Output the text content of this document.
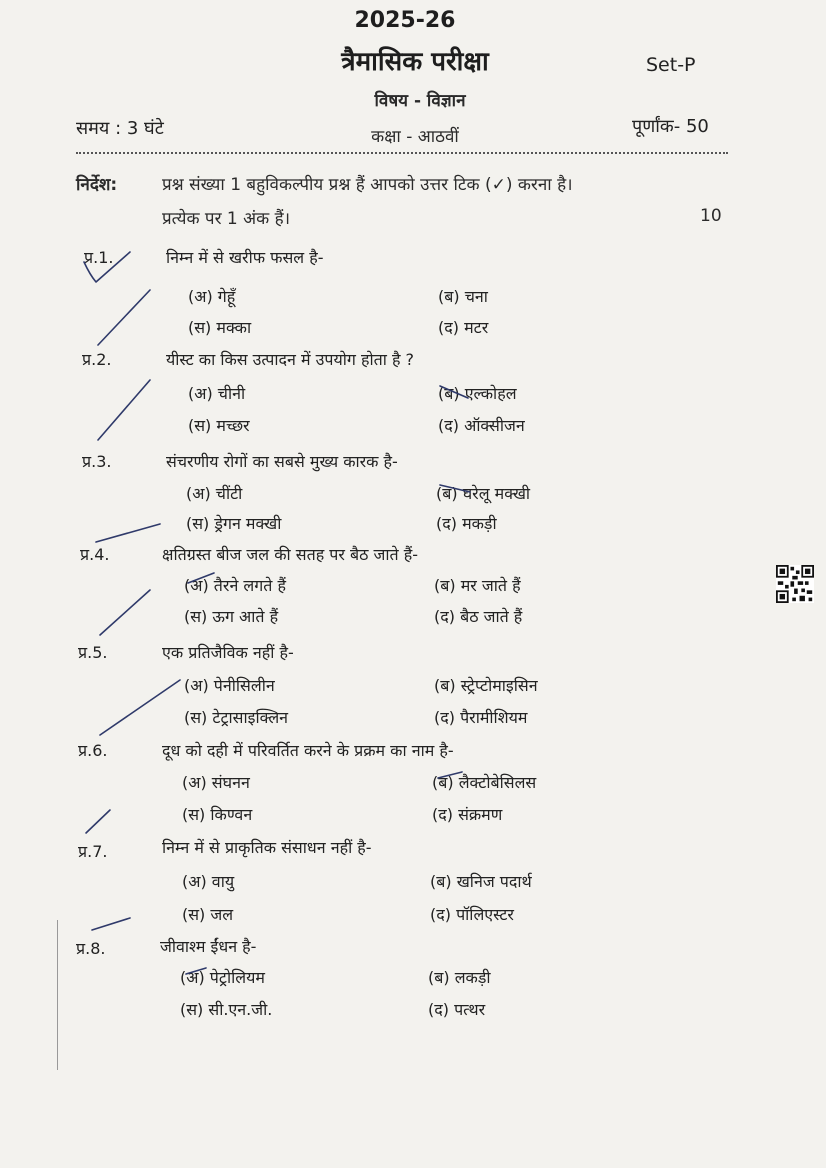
2025-26
त्रैमासिक परीक्षा	Set-P
विषय - विज्ञान
समय : 3 घंटे	कक्षा - आठवीं	पूर्णांक- 50
निर्देश:	प्रश्न संख्या 1 बहुविकल्पीय प्रश्न हैं आपको उत्तर टिक (✓) करना है।
प्रत्येक पर 1 अंक हैं।	10
प्र.1.	निम्न में से खरीफ फसल है-
(अ) गेहूँ	(ब) चना
(स) मक्का	(द) मटर
प्र.2.	यीस्ट का किस उत्पादन में उपयोग होता है ?
(अ) चीनी	(ब) एल्कोहल
(स) मच्छर	(द) ऑक्सीजन
प्र.3.	संचरणीय रोगों का सबसे मुख्य कारक है-
(अ) चींटी	(ब) घरेलू मक्खी
(स) ड्रेगन मक्खी	(द) मकड़ी
प्र.4.	क्षतिग्रस्त बीज जल की सतह पर बैठ जाते हैं-
(अ) तैरने लगते हैं	(ब) मर जाते हैं
(स) ऊग आते हैं	(द) बैठ जाते हैं
प्र.5.	एक प्रतिजैविक नहीं है-
(अ) पेनीसिलीन	(ब) स्ट्रेप्टोमाइसिन
(स) टेट्रासाइक्लिन	(द) पैरामीशियम
प्र.6.	दूध को दही में परिवर्तित करने के प्रक्रम का नाम है-
(अ) संघनन	(ब) लैक्टोबेसिलस
(स) किण्वन	(द) संक्रमण
प्र.7.	निम्न में से प्राकृतिक संसाधन नहीं है-
(अ) वायु	(ब) खनिज पदार्थ
(स) जल	(द) पॉलिएस्टर
प्र.8.	जीवाश्म ईंधन है-
(अ) पेट्रोलियम	(ब) लकड़ी
(स) सी.एन.जी.	(द) पत्थर
